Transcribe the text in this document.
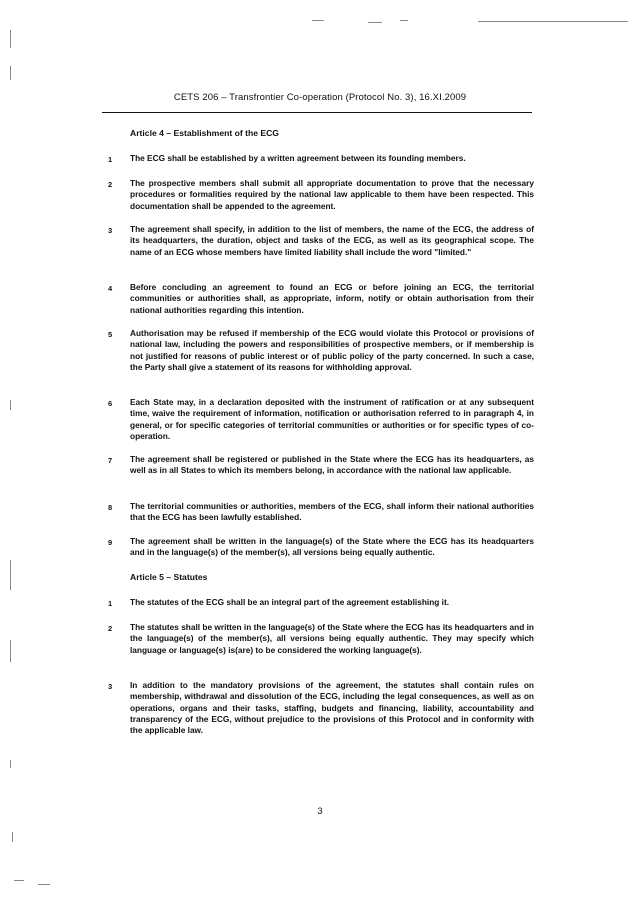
CETS 206 – Transfrontier Co-operation (Protocol No. 3), 16.XI.2009
Article 4 – Establishment of the ECG
1 The ECG shall be established by a written agreement between its founding members.
2 The prospective members shall submit all appropriate documentation to prove that the necessary procedures or formalities required by the national law applicable to them have been respected. This documentation shall be appended to the agreement.
3 The agreement shall specify, in addition to the list of members, the name of the ECG, the address of its headquarters, the duration, object and tasks of the ECG, as well as its geographical scope. The name of an ECG whose members have limited liability shall include the word "limited."
4 Before concluding an agreement to found an ECG or before joining an ECG, the territorial communities or authorities shall, as appropriate, inform, notify or obtain authorisation from their national authorities regarding this intention.
5 Authorisation may be refused if membership of the ECG would violate this Protocol or provisions of national law, including the powers and responsibilities of prospective members, or if membership is not justified for reasons of public interest or of public policy of the party concerned. In such a case, the Party shall give a statement of its reasons for withholding approval.
6 Each State may, in a declaration deposited with the instrument of ratification or at any subsequent time, waive the requirement of information, notification or authorisation referred to in paragraph 4, in general, or for specific categories of territorial communities or authorities or for specific types of co-operation.
7 The agreement shall be registered or published in the State where the ECG has its headquarters, as well as in all States to which its members belong, in accordance with the national law applicable.
8 The territorial communities or authorities, members of the ECG, shall inform their national authorities that the ECG has been lawfully established.
9 The agreement shall be written in the language(s) of the State where the ECG has its headquarters and in the language(s) of the member(s), all versions being equally authentic.
Article 5 – Statutes
1 The statutes of the ECG shall be an integral part of the agreement establishing it.
2 The statutes shall be written in the language(s) of the State where the ECG has its headquarters and in the language(s) of the member(s), all versions being equally authentic. They may specify which language or language(s) is(are) to be considered the working language(s).
3 In addition to the mandatory provisions of the agreement, the statutes shall contain rules on membership, withdrawal and dissolution of the ECG, including the legal consequences, as well as on operations, organs and their tasks, staffing, budgets and financing, liability, accountability and transparency of the ECG, without prejudice to the provisions of this Protocol and in conformity with the applicable law.
3
